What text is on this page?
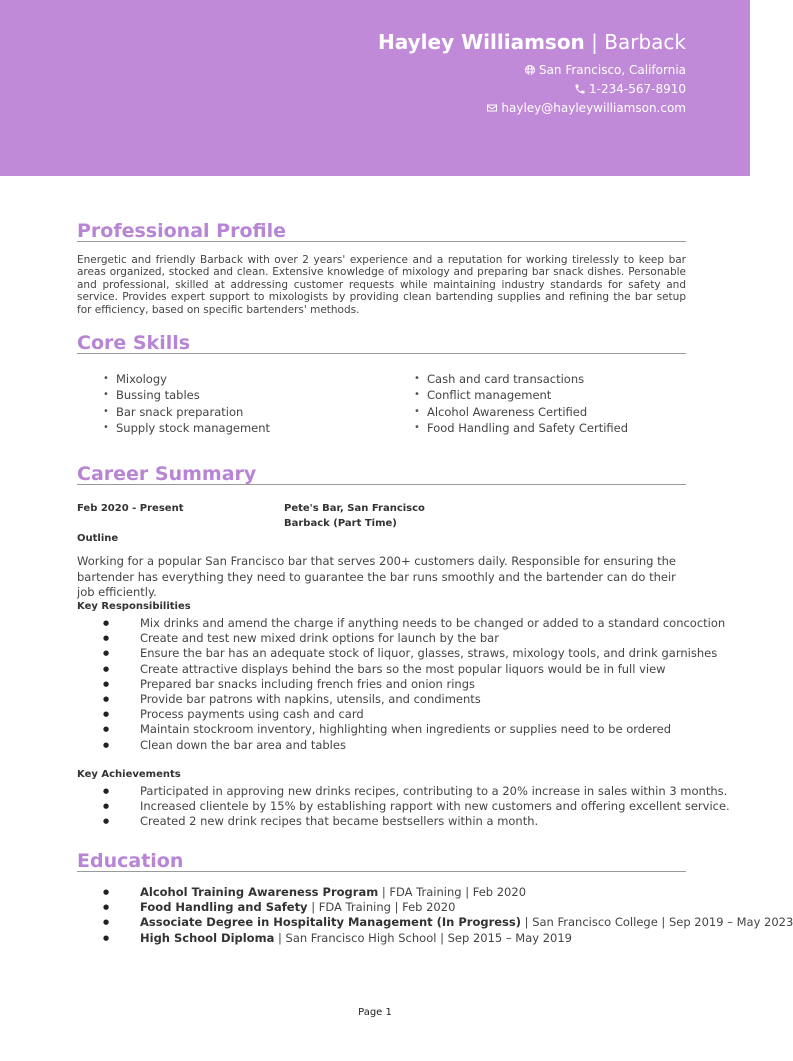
Hayley Williamson | Barback
San Francisco, California
1-234-567-8910
hayley@hayleywilliamson.com
Professional Profile

Energetic and friendly Barback with over 2 years' experience and a reputation for working tirelessly to keep bar areas organized, stocked and clean. Extensive knowledge of mixology and preparing bar snack dishes. Personable and professional, skilled at addressing customer requests while maintaining industry standards for safety and service. Provides expert support to mixologists by providing clean bartending supplies and refining the bar setup for efficiency, based on specific bartenders' methods.

Core Skills
• Mixology
• Bussing tables
• Bar snack preparation
• Supply stock management
• Cash and card transactions
• Conflict management
• Alcohol Awareness Certified
• Food Handling and Safety Certified
Career Summary
Feb 2020 - Present	Pete's Bar, San Francisco
Barback (Part Time)
Outline

Working for a popular San Francisco bar that serves 200+ customers daily. Responsible for ensuring the bartender has everything they need to guarantee the bar runs smoothly and the bartender can do their job efficiently.

Key Responsibilities
● Mix drinks and amend the charge if anything needs to be changed or added to a standard concoction
● Create and test new mixed drink options for launch by the bar
● Ensure the bar has an adequate stock of liquor, glasses, straws, mixology tools, and drink garnishes
● Create attractive displays behind the bars so the most popular liquors would be in full view
● Prepared bar snacks including french fries and onion rings
● Provide bar patrons with napkins, utensils, and condiments
● Process payments using cash and card
● Maintain stockroom inventory, highlighting when ingredients or supplies need to be ordered
● Clean down the bar area and tables
Key Achievements
● Participated in approving new drinks recipes, contributing to a 20% increase in sales within 3 months.
● Increased clientele by 15% by establishing rapport with new customers and offering excellent service.
● Created 2 new drink recipes that became bestsellers within a month.
Education
● Alcohol Training Awareness Program | FDA Training | Feb 2020
● Food Handling and Safety | FDA Training | Feb 2020
● Associate Degree in Hospitality Management (In Progress) | San Francisco College | Sep 2019 – May 2023
● High School Diploma | San Francisco High School | Sep 2015 – May 2019
Page 1
